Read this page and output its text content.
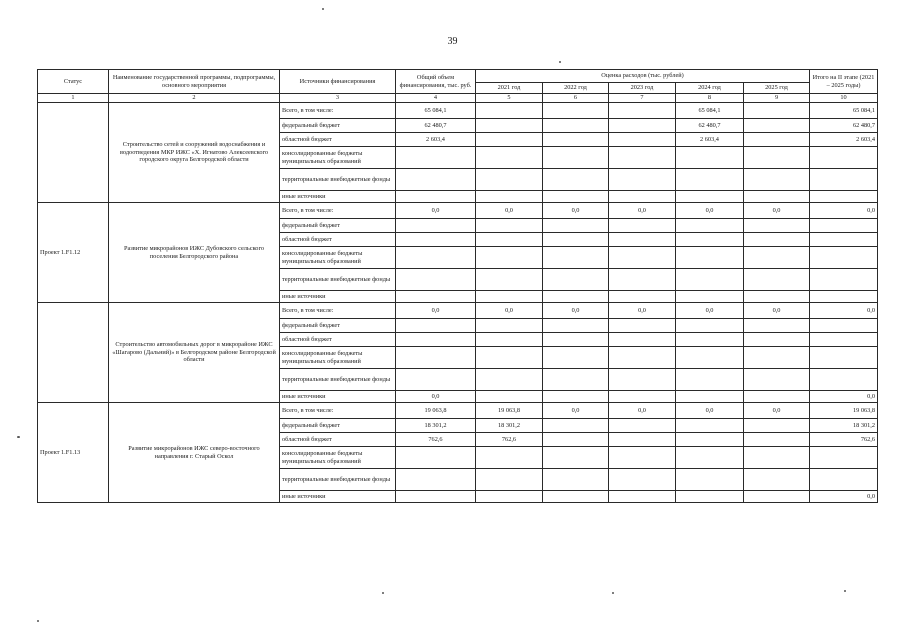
39
Статус	Наименование государственной программы, подпрограммы, основного мероприятия	Источники финансирования	Общий объем финансирования, тыс. руб.	Оценка расходов (тыс. рублей)					Итого на II этапе (2021 – 2025 годы)
				2021 год	2022 год	2023 год	2024 год	2025 год	
1	2	3	4	5	6	7	8	9	10
	Строительство сетей и сооружений водоснабжения и водоотведения МКР ИЖС «Х. Игнатово Алексеевского городского округа Белгородской области	Всего, в том числе:	65 084,1				65 084,1		65 084,1
		федеральный бюджет	62 480,7				62 480,7		62 480,7
		областной бюджет	2 603,4				2 603,4		2 603,4
		консолидированные бюджеты муниципальных образований							
		территориальные внебюджетные фонды							
		иные источники							
Проект 1.F1.12	Развитие микрорайонов ИЖС Дубовского сельского поселения Белгородского района	Всего, в том числе:	0,0	0,0	0,0	0,0	0,0	0,0	0,0
		федеральный бюджет							
		областной бюджет							
		консолидированные бюджеты муниципальных образований							
		территориальные внебюджетные фонды							
		иные источники							
	Строительство автомобильных дорог в микрорайоне ИЖС «Шагарово (Дальний)» в Белгородском районе Белгородской области	Всего, в том числе:	0,0	0,0	0,0	0,0	0,0	0,0	0,0
		федеральный бюджет							
		областной бюджет							
		консолидированные бюджеты муниципальных образований							
		территориальные внебюджетные фонды							
		иные источники	0,0						0,0
Проект 1.F1.13	Развитие микрорайонов ИЖС северо-восточного направления г. Старый Оскол	Всего, в том числе:	19 063,8	19 063,8	0,0	0,0	0,0	0,0	19 063,8
		федеральный бюджет	18 301,2	18 301,2					18 301,2
		областной бюджет	762,6	762,6					762,6
		консолидированные бюджеты муниципальных образований							
		территориальные внебюджетные фонды							
		иные источники							0,0
